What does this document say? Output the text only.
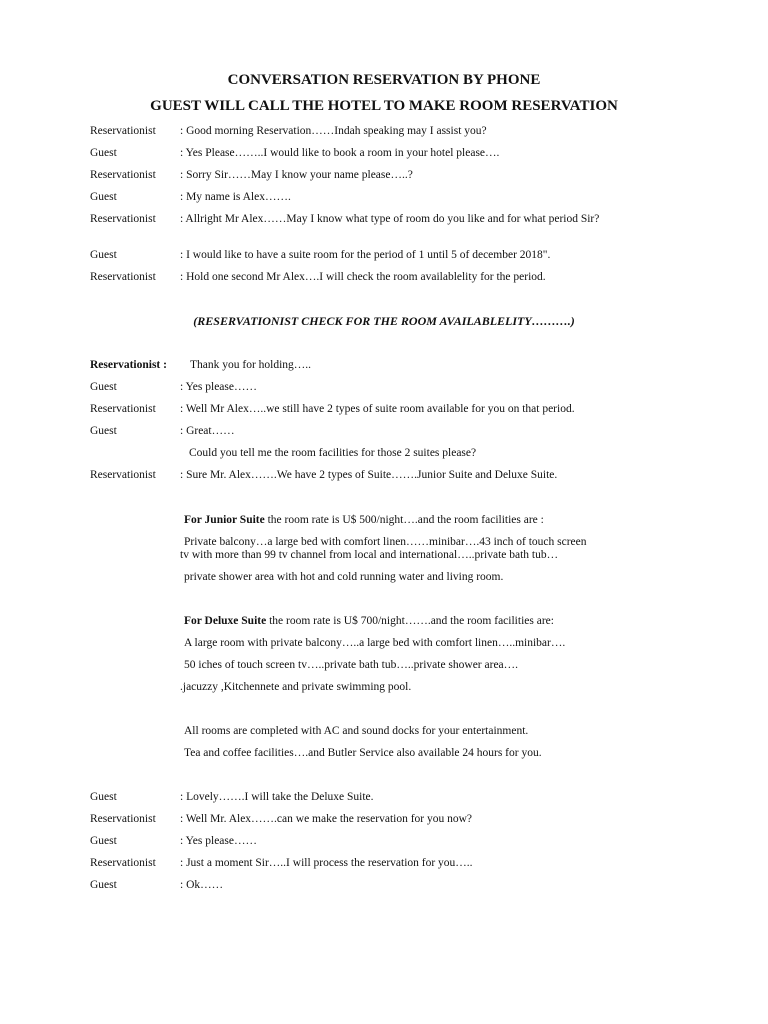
CONVERSATION RESERVATION BY PHONE
GUEST WILL CALL THE HOTEL TO MAKE ROOM RESERVATION
Reservationist : Good morning Reservation……Indah speaking may I assist you?
Guest	: Yes Please……..I would like to book a room in your hotel please….
Reservationist : Sorry Sir……May I know your name please…..?
Guest	: My name is Alex…….
Reservationist : Allright Mr Alex……May I know what type of room do you like and for what period Sir?
Guest	: I would like to have a suite room for the period of 1 until 5 of december 2018".
Reservationist : Hold one second Mr Alex….I will check the room availablelity for the period.
(RESERVATIONIST CHECK FOR THE ROOM AVAILABLELITY……….)
Reservationist : Thank you for holding…..
Guest	: Yes please……
Reservationist : Well Mr Alex…..we still have 2 types of suite room available for you on that period.
Guest	: Great……
Could you tell me the room facilities for those 2 suites please?
Reservationist : Sure Mr. Alex…….We have 2 types of Suite…….Junior Suite and Deluxe Suite.
For Junior Suite the room rate is U$ 500/night….and the room facilities are :
Private balcony…a large bed with comfort linen……minibar….43 inch of touch screen
tv with more than 99 tv channel from local and international…..private bath tub…
private shower area with hot and cold running water and living room.
For Deluxe Suite the room rate is U$ 700/night…….and the room facilities are:
A large room with private balcony…..a large bed with comfort linen…..minibar….
50 iches of touch screen tv…..private bath tub…..private shower area….
.jacuzzy ,Kitchennete and private swimming pool.
All rooms are completed with AC and sound docks for your entertainment.
Tea and coffee facilities….and Butler Service also available 24 hours for you.
Guest	: Lovely…….I will take the Deluxe Suite.
Reservationist : Well Mr. Alex…….can we make the reservation for you now?
Guest	: Yes please……
Reservationist : Just a moment Sir…..I will process the reservation for you…..
Guest	: Ok……
